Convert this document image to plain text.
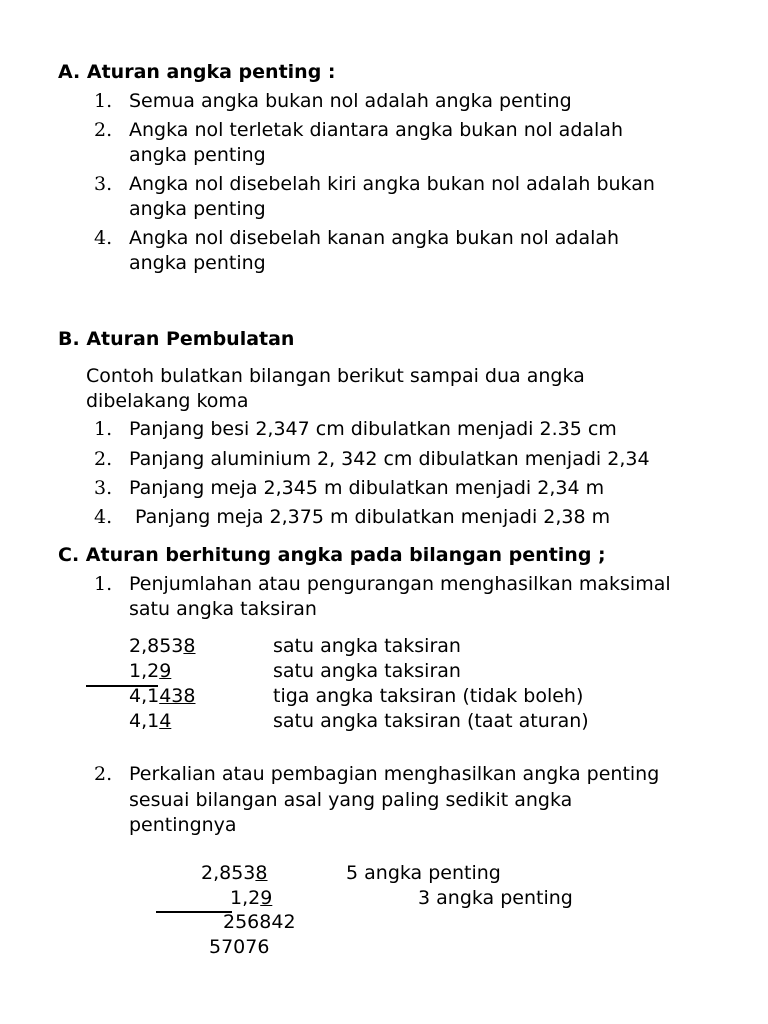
A. Aturan angka penting :
1. Semua angka bukan nol adalah angka penting
2. Angka nol terletak diantara angka bukan nol adalah
angka penting
3. Angka nol disebelah kiri angka bukan nol adalah bukan
angka penting
4. Angka nol disebelah kanan angka bukan nol adalah
angka penting
B. Aturan Pembulatan
Contoh bulatkan bilangan berikut sampai dua angka
dibelakang koma
1. Panjang besi 2,347 cm dibulatkan menjadi 2.35 cm
2. Panjang aluminium 2, 342 cm dibulatkan menjadi 2,34
3. Panjang meja 2,345 m dibulatkan menjadi 2,34 m
4. Panjang meja 2,375 m dibulatkan menjadi 2,38 m
C. Aturan berhitung angka pada bilangan penting ;
1. Penjumlahan atau pengurangan menghasilkan maksimal
satu angka taksiran
2,8538	satu angka taksiran
1,29	satu angka taksiran
4,1438	tiga angka taksiran (tidak boleh)
4,14	satu angka taksiran (taat aturan)
2. Perkalian atau pembagian menghasilkan angka penting
sesuai bilangan asal yang paling sedikit angka
pentingnya
2,8538	5 angka penting
1,29	3 angka penting
256842
57076
